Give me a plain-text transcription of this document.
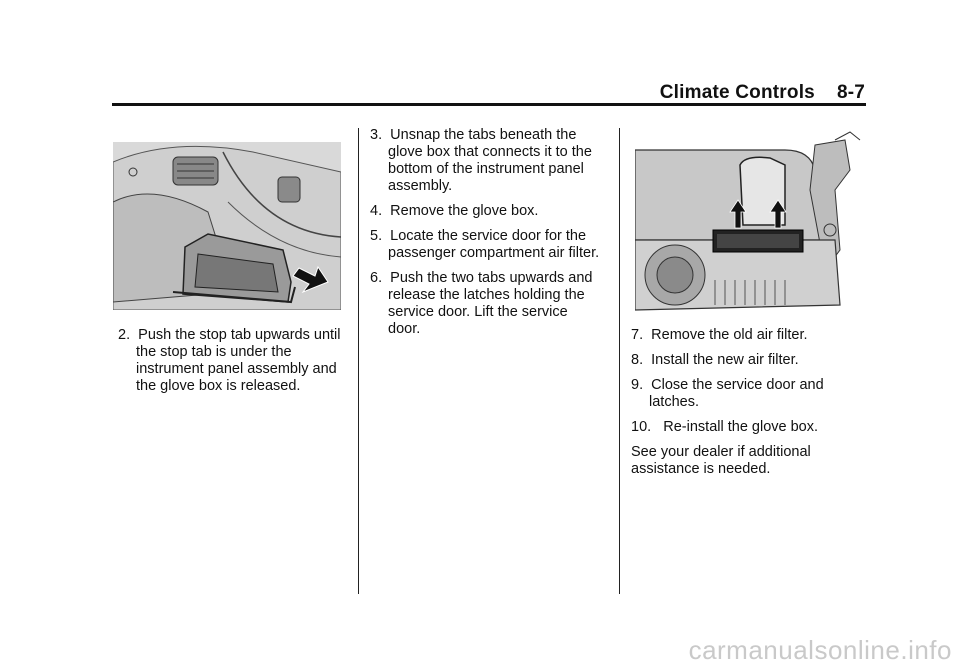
Climate Controls 8-7

2. Push the stop tab upwards until the stop tab is under the instrument panel assembly and the glove box is released.

3. Unsnap the tabs beneath the glove box that connects it to the bottom of the instrument panel assembly.

4. Remove the glove box.

5. Locate the service door for the passenger compartment air filter.

6. Push the two tabs upwards and release the latches holding the service door. Lift the service door.	7. Remove the old air filter.

8. Install the new air filter.

9. Close the service door and latches.

10. Re-install the glove box.

See your dealer if additional assistance is needed.

carmanualsonline.info
